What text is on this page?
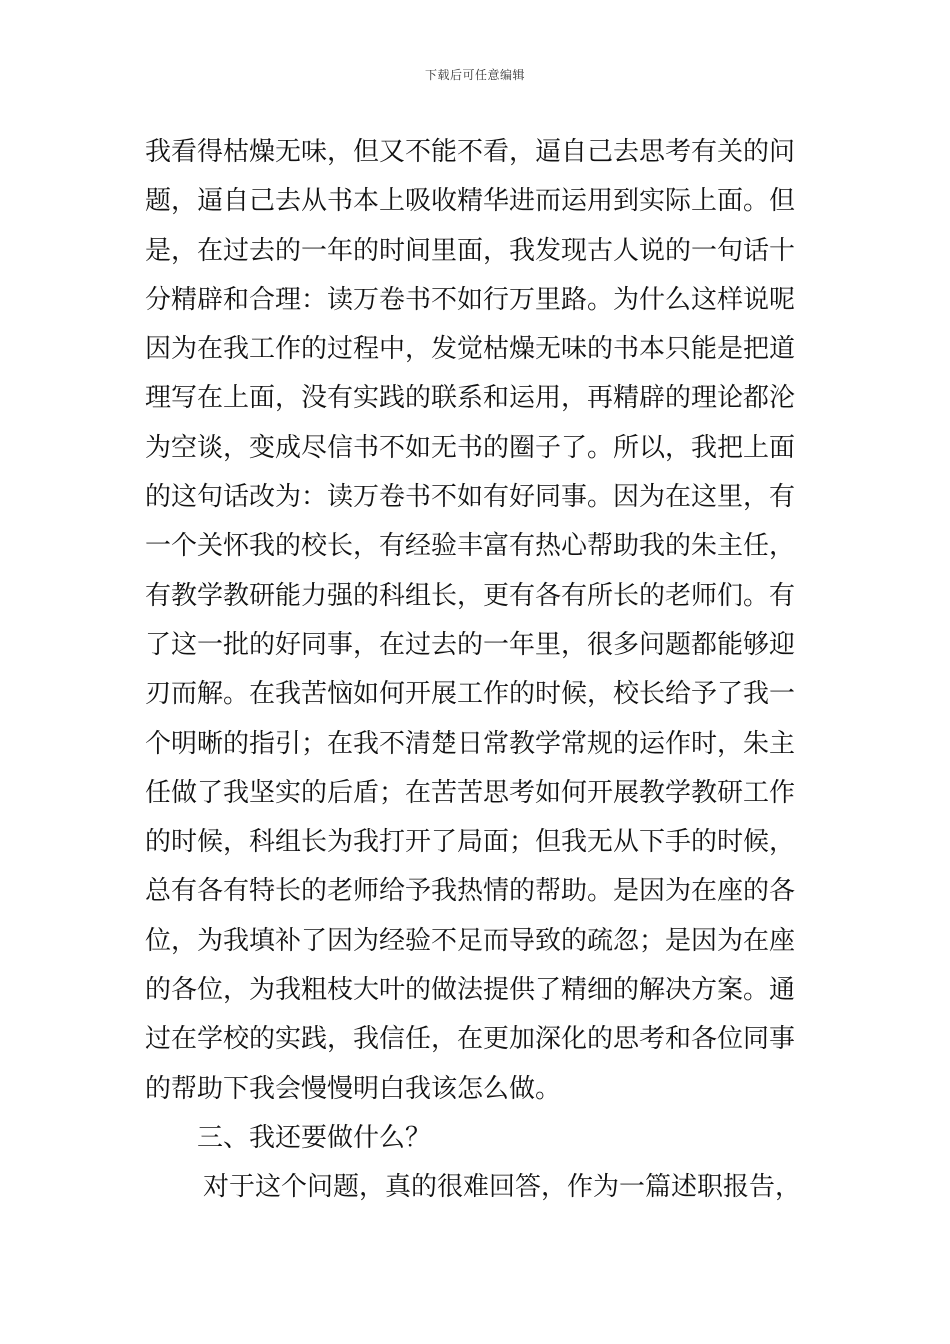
下载后可任意编辑
我看得枯燥无味，但又不能不看，逼自己去思考有关的问
题，逼自己去从书本上吸收精华进而运用到实际上面。但
是，在过去的一年的时间里面，我发现古人说的一句话十
分精辟和合理：读万卷书不如行万里路。为什么这样说呢
因为在我工作的过程中，发觉枯燥无味的书本只能是把道
理写在上面，没有实践的联系和运用，再精辟的理论都沦
为空谈，变成尽信书不如无书的圈子了。所以，我把上面
的这句话改为：读万卷书不如有好同事。因为在这里，有
一个关怀我的校长，有经验丰富有热心帮助我的朱主任，
有教学教研能力强的科组长，更有各有所长的老师们。有
了这一批的好同事，在过去的一年里，很多问题都能够迎
刃而解。在我苦恼如何开展工作的时候，校长给予了我一
个明晰的指引；在我不清楚日常教学常规的运作时，朱主
任做了我坚实的后盾；在苦苦思考如何开展教学教研工作
的时候，科组长为我打开了局面；但我无从下手的时候，
总有各有特长的老师给予我热情的帮助。是因为在座的各
位，为我填补了因为经验不足而导致的疏忽；是因为在座
的各位，为我粗枝大叶的做法提供了精细的解决方案。通
过在学校的实践，我信任，在更加深化的思考和各位同事
的帮助下我会慢慢明白我该怎么做。
三、我还要做什么？
对于这个问题，真的很难回答，作为一篇述职报告，
